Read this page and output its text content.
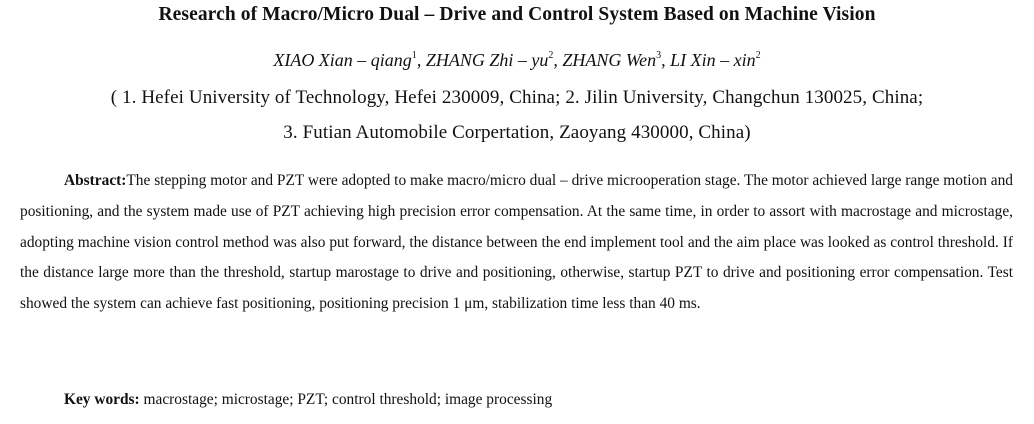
Research of Macro/Micro Dual – Drive and Control System Based on Machine Vision
XIAO Xian – qiang$^1$, ZHANG Zhi – $yu^2$, ZHANG Wen$^3$, LI Xin – xin$^2$
( 1. Hefei University of Technology, Hefei 230009, China; 2. Jilin University, Changchun 130025, China;
3. Futian Automobile Corpertation, Zaoyang 430000, China)
Abstract:The stepping motor and PZT were adopted to make macro/micro dual – drive microoperation stage. The motor achieved large range motion and positioning, and the system made use of PZT achieving high precision error compensation. At the same time, in order to assort with macrostage and microstage, adopting machine vision control method was also put forward, the distance between the end implement tool and the aim place was looked as control threshold. If the distance large more than the threshold, startup marostage to drive and positioning, otherwise, startup PZT to drive and positioning error compensation. Test showed the system can achieve fast positioning, positioning precision 1 μm, stabilization time less than 40 ms.
Key words: macrostage; microstage; PZT; control threshold; image processing
